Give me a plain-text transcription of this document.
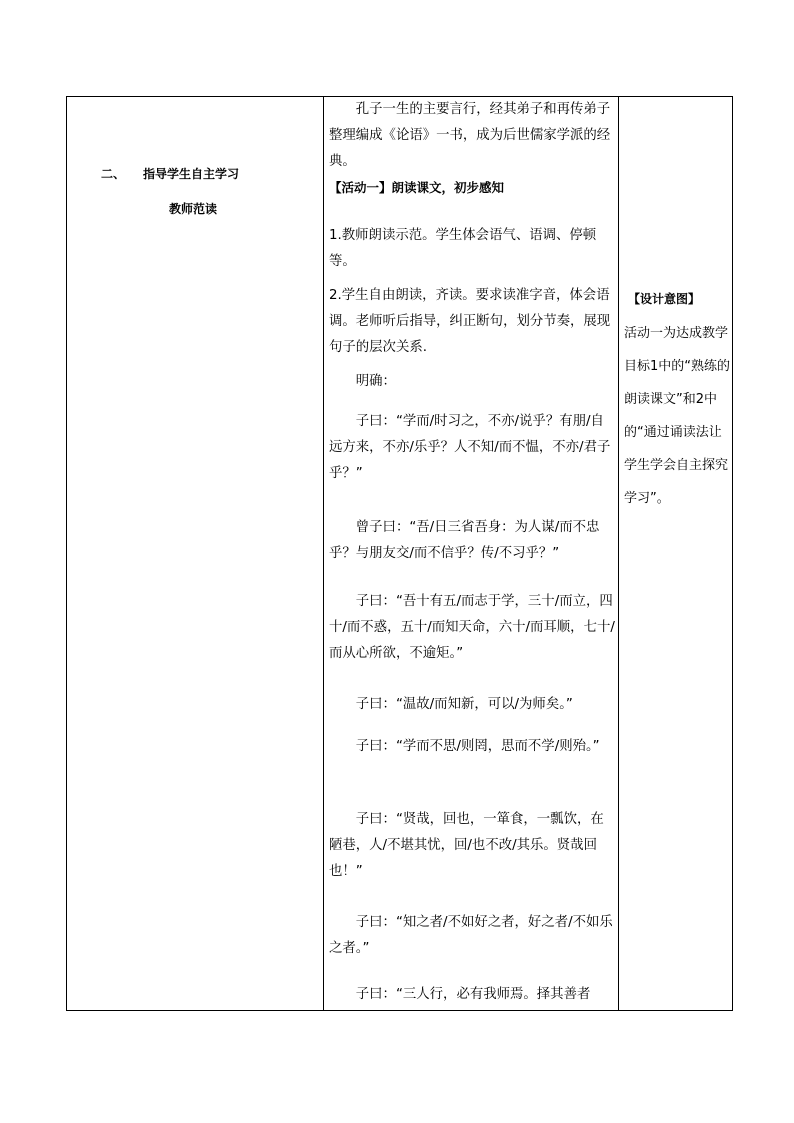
二、 指导学生自主学习
教师范读

　　孔子一生的主要言行，经其弟子和再传弟子整理编成《论语》一书，成为后世儒家学派的经典。

【活动一】朗读课文，初步感知

1.教师朗读示范。学生体会语气、语调、停顿等。

2.学生自由朗读，齐读。要求读准字音，体会语调。老师听后指导，纠正断句，划分节奏，展现句子的层次关系.

　　明确：

　　子曰：“学而/时习之，不亦/说乎？有朋/自远方来，不亦/乐乎？人不知/而不愠，不亦/君子乎？”

　　曾子曰：“吾/日三省吾身：为人谋/而不忠乎？与朋友交/而不信乎？传/不习乎？”

　　子曰：“吾十有五/而志于学，三十/而立，四十/而不惑，五十/而知天命，六十/而耳顺，七十/而从心所欲，不逾矩。”

　　子曰：“温故/而知新，可以/为师矣。”

　　子曰：“学而不思/则罔，思而不学/则殆。”

　　子曰：“贤哉，回也，一箪食，一瓢饮，在陋巷，人/不堪其忧，回/也不改/其乐。贤哉回也！”

　　子曰：“知之者/不如好之者，好之者/不如乐之者。”

　　子曰：“三人行，必有我师焉。择其善者

【设计意图】

活动一为达成教学目标1中的“熟练的朗读课文”和2中的“通过诵读法让学生学会自主探究学习”。
